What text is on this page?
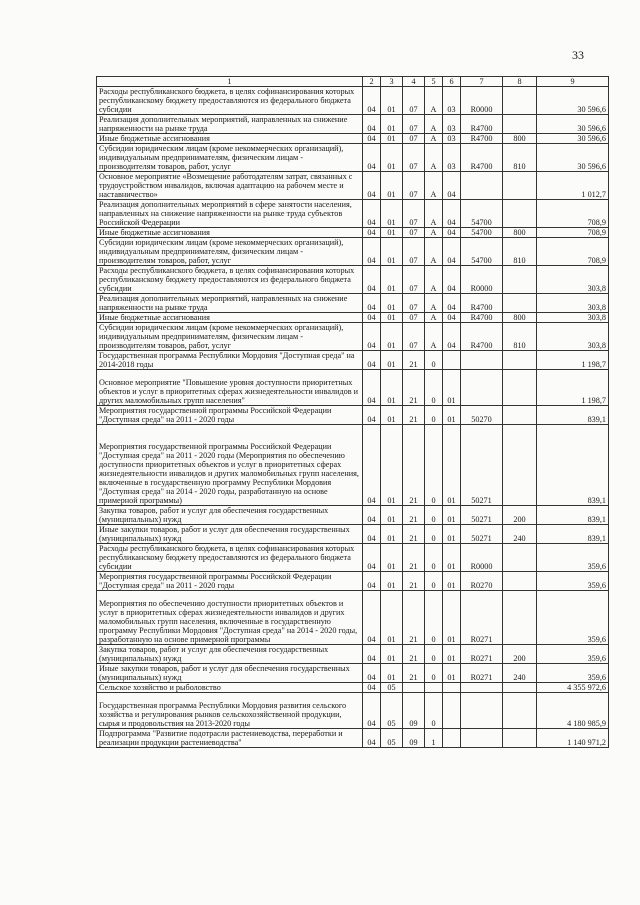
33
1	2	3	4	5	6	7	8	9
Расходы республиканского бюджета, в целях софинансирования которых республиканскому бюджету предоставляются из федерального бюджета субсидии	04	01	07	А	03	R0000		30 596,6
Реализация дополнительных мероприятий, направленных на снижение напряженности на рынке труда	04	01	07	А	03	R4700		30 596,6
Иные бюджетные ассигнования	04	01	07	А	03	R4700	800	30 596,6
Субсидии юридическим лицам (кроме некоммерческих организаций), индивидуальным предпринимателям, физическим лицам - производителям товаров, работ, услуг	04	01	07	А	03	R4700	810	30 596,6
Основное мероприятие «Возмещение работодателям затрат, связанных с трудоустройством инвалидов, включая адаптацию на рабочем месте и наставничество»	04	01	07	А	04			1 012,7
Реализация дополнительных мероприятий в сфере занятости населения, направленных на снижение напряженности на рынке труда субъектов Российской Федерации	04	01	07	А	04	54700		708,9
Иные бюджетные ассигнования	04	01	07	А	04	54700	800	708,9
Субсидии юридическим лицам (кроме некоммерческих организаций), индивидуальным предпринимателям, физическим лицам - производителям товаров, работ, услуг	04	01	07	А	04	54700	810	708,9
Расходы республиканского бюджета, в целях софинансирования которых республиканскому бюджету предоставляются из федерального бюджета субсидии	04	01	07	А	04	R0000		303,8
Реализация дополнительных мероприятий, направленных на снижение напряженности на рынке труда	04	01	07	А	04	R4700		303,8
Иные бюджетные ассигнования	04	01	07	А	04	R4700	800	303,8
Субсидии юридическим лицам (кроме некоммерческих организаций), индивидуальным предпринимателям, физическим лицам - производителям товаров, работ, услуг	04	01	07	А	04	R4700	810	303,8
Государственная программа Республики Мордовия "Доступная среда" на 2014-2018 годы	04	01	21	0				1 198,7
Основное мероприятие "Повышение уровня доступности приоритетных объектов и услуг в приоритетных сферах жизнедеятельности инвалидов и других маломобильных групп населения"	04	01	21	0	01			1 198,7
Мероприятия государственной программы Российской Федерации "Доступная среда" на 2011 - 2020 годы	04	01	21	0	01	50270		839,1
Мероприятия государственной программы Российской Федерации "Доступная среда" на 2011 - 2020 годы (Мероприятия по обеспечению доступности приоритетных объектов и услуг в приоритетных сферах жизнедеятельности инвалидов и других маломобильных групп населения, включенные в государственную программу Республики Мордовия "Доступная среда" на 2014 - 2020 годы, разработанную на основе примерной программы)	04	01	21	0	01	50271		839,1
Закупка товаров, работ и услуг для обеспечения государственных (муниципальных) нужд	04	01	21	0	01	50271	200	839,1
Иные закупки товаров, работ и услуг для обеспечения государственных (муниципальных) нужд	04	01	21	0	01	50271	240	839,1
Расходы республиканского бюджета, в целях софинансирования которых республиканскому бюджету предоставляются из федерального бюджета субсидии	04	01	21	0	01	R0000		359,6
Мероприятия государственной программы Российской Федерации "Доступная среда" на 2011 - 2020 годы	04	01	21	0	01	R0270		359,6
Мероприятия по обеспечению доступности приоритетных объектов и услуг в приоритетных сферах жизнедеятельности инвалидов и других маломобильных групп населения, включенные в государственную программу Республики Мордовия "Доступная среда" на 2014 - 2020 годы, разработанную на основе примерной программы	04	01	21	0	01	R0271		359,6
Закупка товаров, работ и услуг для обеспечения государственных (муниципальных) нужд	04	01	21	0	01	R0271	200	359,6
Иные закупки товаров, работ и услуг для обеспечения государственных (муниципальных) нужд	04	01	21	0	01	R0271	240	359,6
Сельское хозяйство и рыболовство	04	05						4 355 972,6
Государственная программа Республики Мордовия развития сельского хозяйства и регулирования рынков сельскохозяйственной продукции, сырья и продовольствия на 2013-2020 годы	04	05	09	0				4 180 985,9
Подпрограмма "Развитие подотрасли растениеводства, переработки и реализации продукции растениеводства"	04	05	09	1				1 140 971,2
